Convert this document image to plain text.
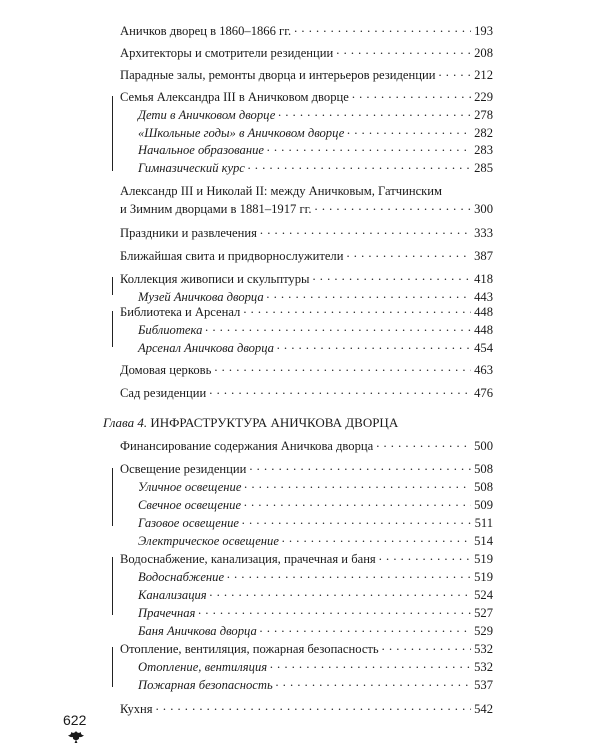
Аничков дворец в 1860–1866 гг. . . .	193
Архитекторы и смотрители резиденции . . .	208
Парадные залы, ремонты дворца и интерьеров резиденции . . .	212
Семья Александра III в Аничковом дворце . . .	229
Дети в Аничковом дворце . . .	278
«Школьные годы» в Аничковом дворце . . .	282
Начальное образование . . .	283
Гимназический курс . . .	285
Александр III и Николай II: между Аничковым, Гатчинским
и Зимним дворцами в 1881–1917 гг. . . .	300
Праздники и развлечения . . .	333
Ближайшая свита и придворнослужители . . .	387
Коллекция живописи и скульптуры . . .	418
Музей Аничкова дворца . . .	443
Библиотека и Арсенал . . .	448
Библиотека . . .	448
Арсенал Аничкова дворца . . .	454
Домовая церковь . . .	463
Сад резиденции . . .	476
Глава 4. ИНФРАСТРУКТУРА АНИЧКОВА ДВОРЦА
Финансирование содержания Аничкова дворца . . .	500
Освещение резиденции . . .	508
Уличное освещение . . .	508
Свечное освещение . . .	509
Газовое освещение . . .	511
Электрическое освещение . . .	514
Водоснабжение, канализация, прачечная и баня . . .	519
Водоснабжение . . .	519
Канализация . . .	524
Прачечная . . .	527
Баня Аничкова дворца . . .	529
Отопление, вентиляция, пожарная безопасность . . .	532
Отопление, вентиляция . . .	532
Пожарная безопасность . . .	537
Кухня . . .	542
622
